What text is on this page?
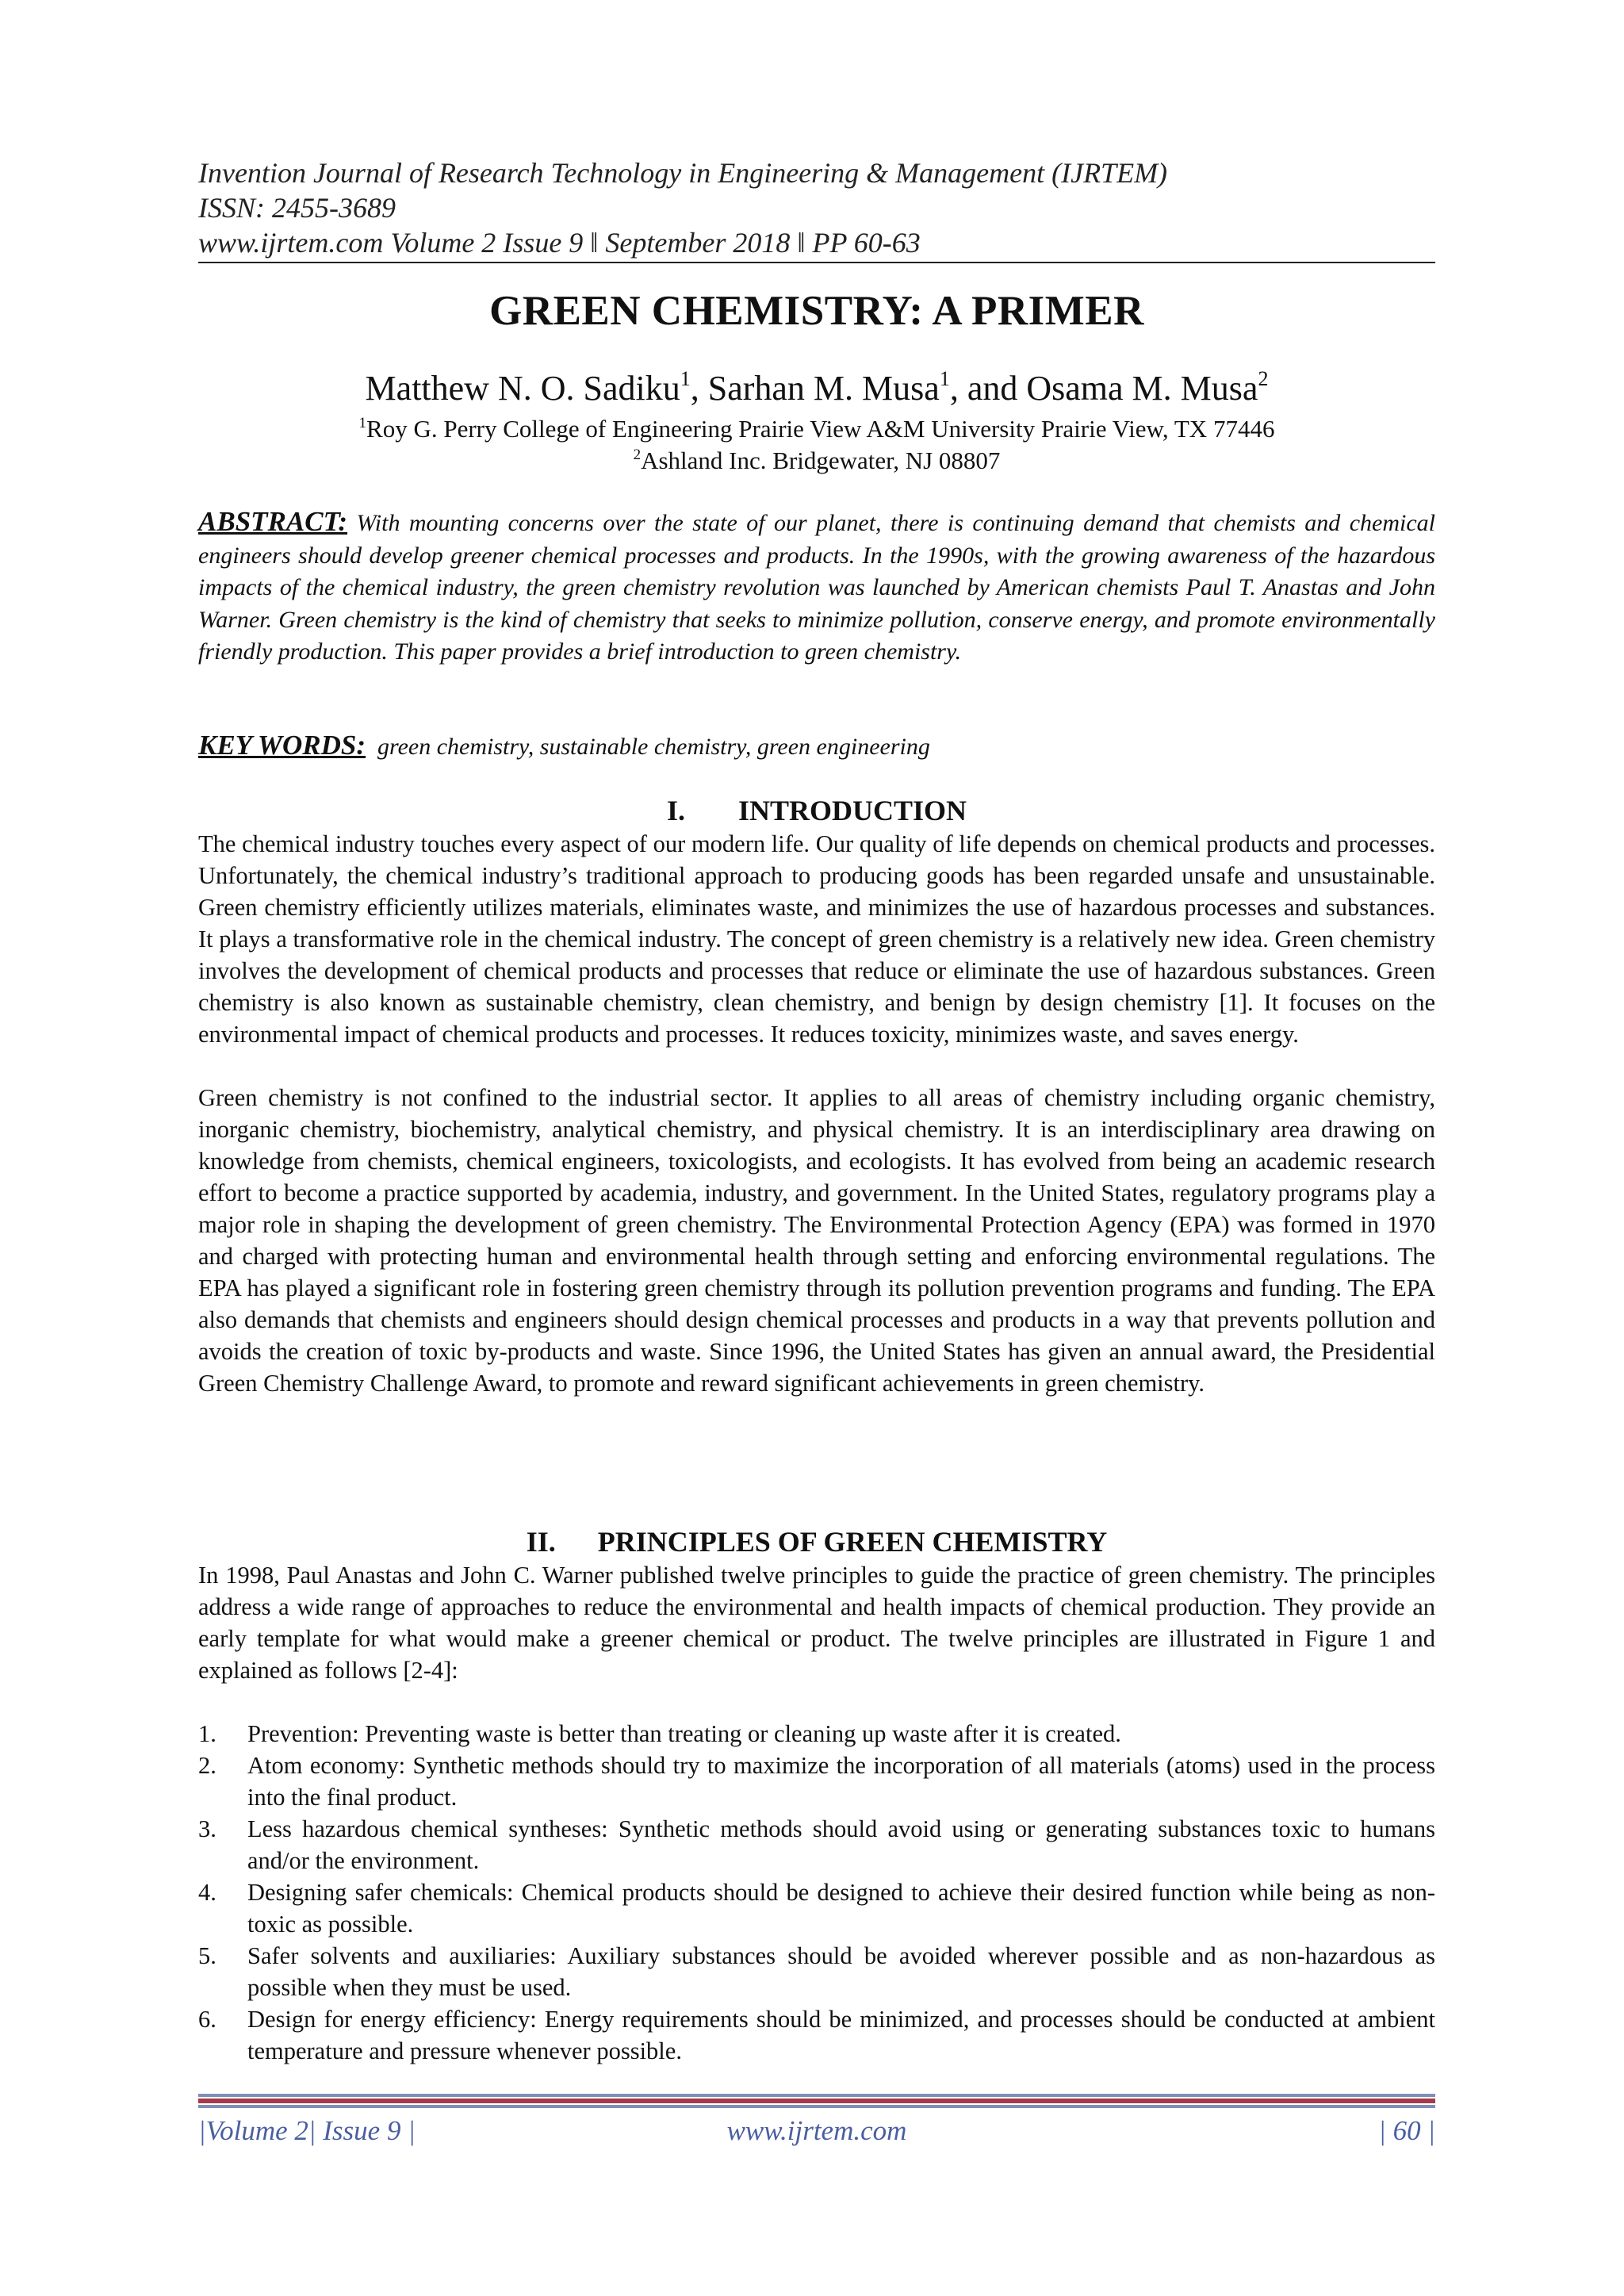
Invention Journal of Research Technology in Engineering & Management (IJRTEM)
ISSN: 2455-3689
www.ijrtem.com Volume 2 Issue 9 ǁ September 2018 ǁ PP 60-63
GREEN CHEMISTRY: A PRIMER
Matthew N. O. Sadiku$^1$, Sarhan M. Musa$^1$, and Osama M. Musa$^2$
$^1$Roy G. Perry College of Engineering Prairie View A&M University Prairie View, TX 77446
$^2$Ashland Inc. Bridgewater, NJ 08807
ABSTRACT: With mounting concerns over the state of our planet, there is continuing demand that chemists and chemical engineers should develop greener chemical processes and products. In the 1990s, with the growing awareness of the hazardous impacts of the chemical industry, the green chemistry revolution was launched by American chemists Paul T. Anastas and John Warner. Green chemistry is the kind of chemistry that seeks to minimize pollution, conserve energy, and promote environmentally friendly production. This paper provides a brief introduction to green chemistry.
KEY WORDS: green chemistry, sustainable chemistry, green engineering
I. INTRODUCTION

The chemical industry touches every aspect of our modern life. Our quality of life depends on chemical products and processes. Unfortunately, the chemical industry’s traditional approach to producing goods has been regarded unsafe and unsustainable. Green chemistry efficiently utilizes materials, eliminates waste, and minimizes the use of hazardous processes and substances. It plays a transformative role in the chemical industry. The concept of green chemistry is a relatively new idea. Green chemistry involves the development of chemical products and processes that reduce or eliminate the use of hazardous substances. Green chemistry is also known as sustainable chemistry, clean chemistry, and benign by design chemistry [1]. It focuses on the environmental impact of chemical products and processes. It reduces toxicity, minimizes waste, and saves energy.

Green chemistry is not confined to the industrial sector. It applies to all areas of chemistry including organic chemistry, inorganic chemistry, biochemistry, analytical chemistry, and physical chemistry. It is an interdisciplinary area drawing on knowledge from chemists, chemical engineers, toxicologists, and ecologists. It has evolved from being an academic research effort to become a practice supported by academia, industry, and government. In the United States, regulatory programs play a major role in shaping the development of green chemistry. The Environmental Protection Agency (EPA) was formed in 1970 and charged with protecting human and environmental health through setting and enforcing environmental regulations. The EPA has played a significant role in fostering green chemistry through its pollution prevention programs and funding. The EPA also demands that chemists and engineers should design chemical processes and products in a way that prevents pollution and avoids the creation of toxic by-products and waste. Since 1996, the United States has given an annual award, the Presidential Green Chemistry Challenge Award, to promote and reward significant achievements in green chemistry.

II. PRINCIPLES OF GREEN CHEMISTRY

In 1998, Paul Anastas and John C. Warner published twelve principles to guide the practice of green chemistry. The principles address a wide range of approaches to reduce the environmental and health impacts of chemical production. They provide an early template for what would make a greener chemical or product. The twelve principles are illustrated in Figure 1 and explained as follows [2-4]:

1. Prevention: Preventing waste is better than treating or cleaning up waste after it is created.
2. Atom economy: Synthetic methods should try to maximize the incorporation of all materials (atoms) used in the process into the final product.
3. Less hazardous chemical syntheses: Synthetic methods should avoid using or generating substances toxic to humans and/or the environment.
4. Designing safer chemicals: Chemical products should be designed to achieve their desired function while being as non-toxic as possible.
5. Safer solvents and auxiliaries: Auxiliary substances should be avoided wherever possible and as non-hazardous as possible when they must be used.
6. Design for energy efficiency: Energy requirements should be minimized, and processes should be conducted at ambient temperature and pressure whenever possible.
|Volume 2| Issue 9 |	www.ijrtem.com	| 60 |
